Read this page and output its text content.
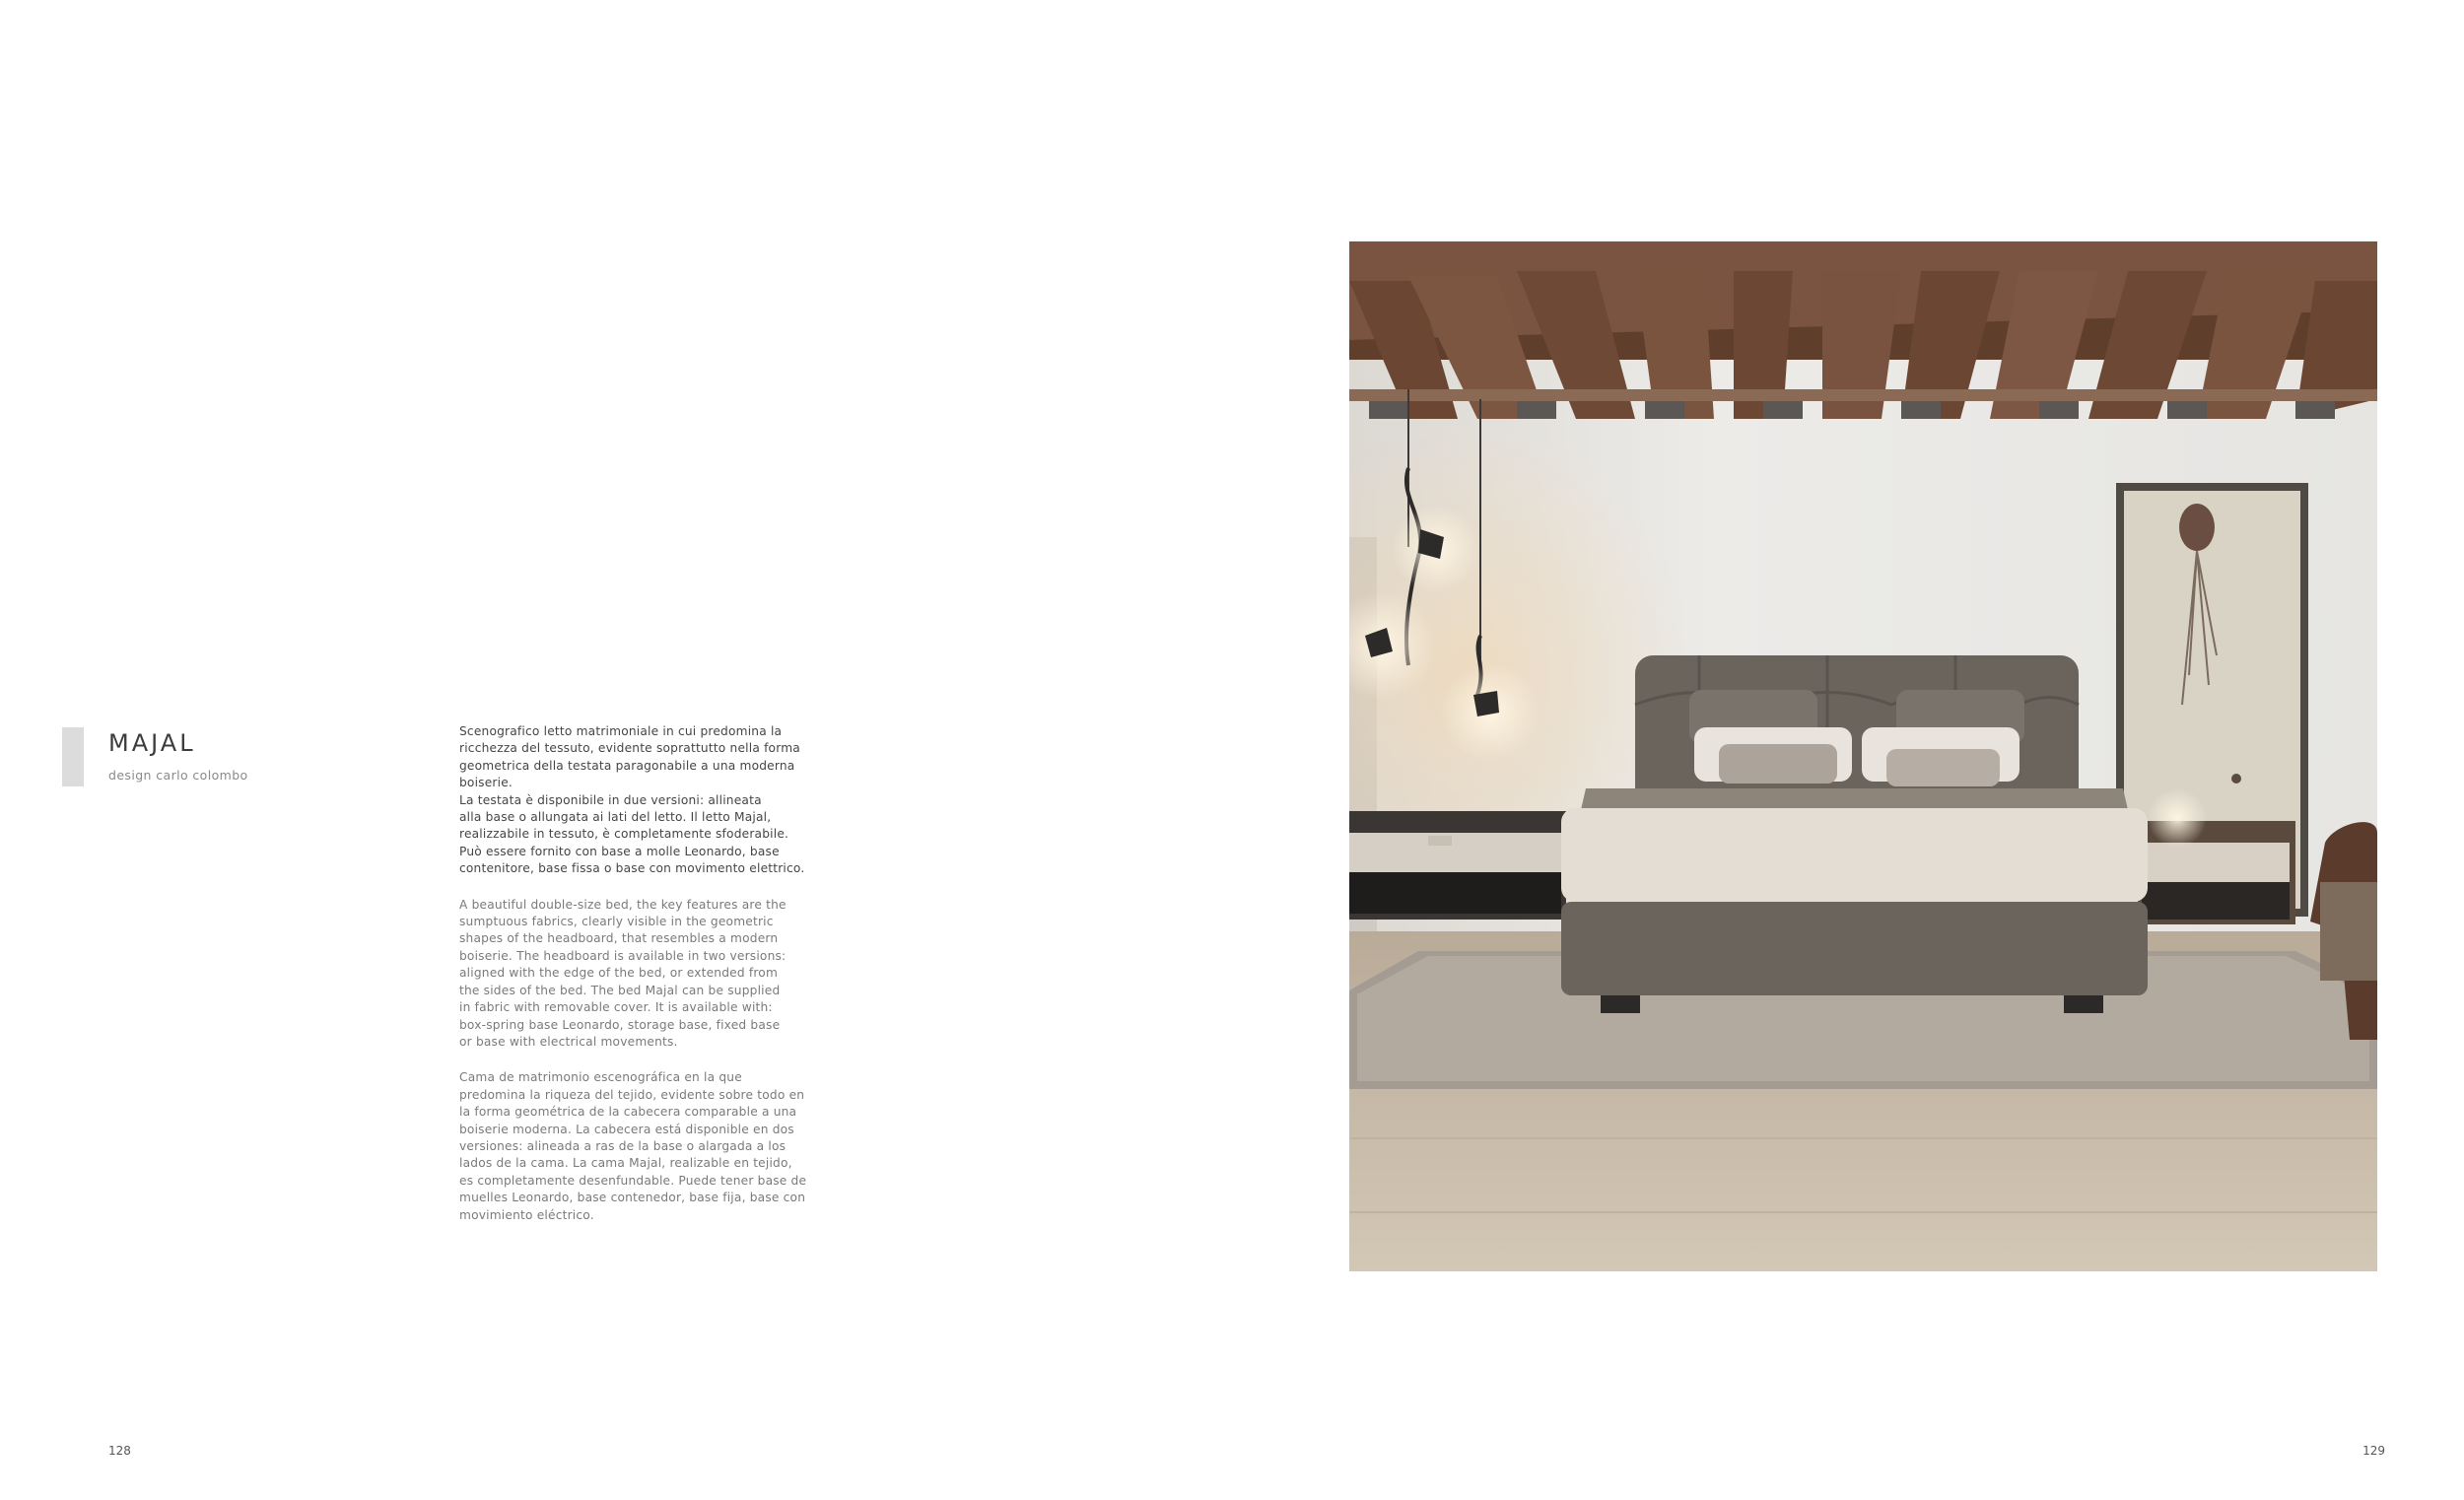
MAJAL
design carlo colombo

Scenografico letto matrimoniale in cui predomina la
ricchezza del tessuto, evidente soprattutto nella forma
geometrica della testata paragonabile a una moderna
boiserie.
La testata è disponibile in due versioni: allineata
alla base o allungata ai lati del letto. Il letto Majal,
realizzabile in tessuto, è completamente sfoderabile.
Può essere fornito con base a molle Leonardo, base
contenitore, base fissa o base con movimento elettrico.

A beautiful double-size bed, the key features are the
sumptuous fabrics, clearly visible in the geometric
shapes of the headboard, that resembles a modern
boiserie. The headboard is available in two versions:
aligned with the edge of the bed, or extended from
the sides of the bed. The bed Majal can be supplied
in fabric with removable cover. It is available with:
box-spring base Leonardo, storage base, fixed base
or base with electrical movements.

Cama de matrimonio escenográfica en la que
predomina la riqueza del tejido, evidente sobre todo en
la forma geométrica de la cabecera comparable a una
boiserie moderna. La cabecera está disponible en dos
versiones: alineada a ras de la base o alargada a los
lados de la cama. La cama Majal, realizable en tejido,
es completamente desenfundable. Puede tener base de
muelles Leonardo, base contenedor, base fija, base con
movimiento eléctrico.

128	129
